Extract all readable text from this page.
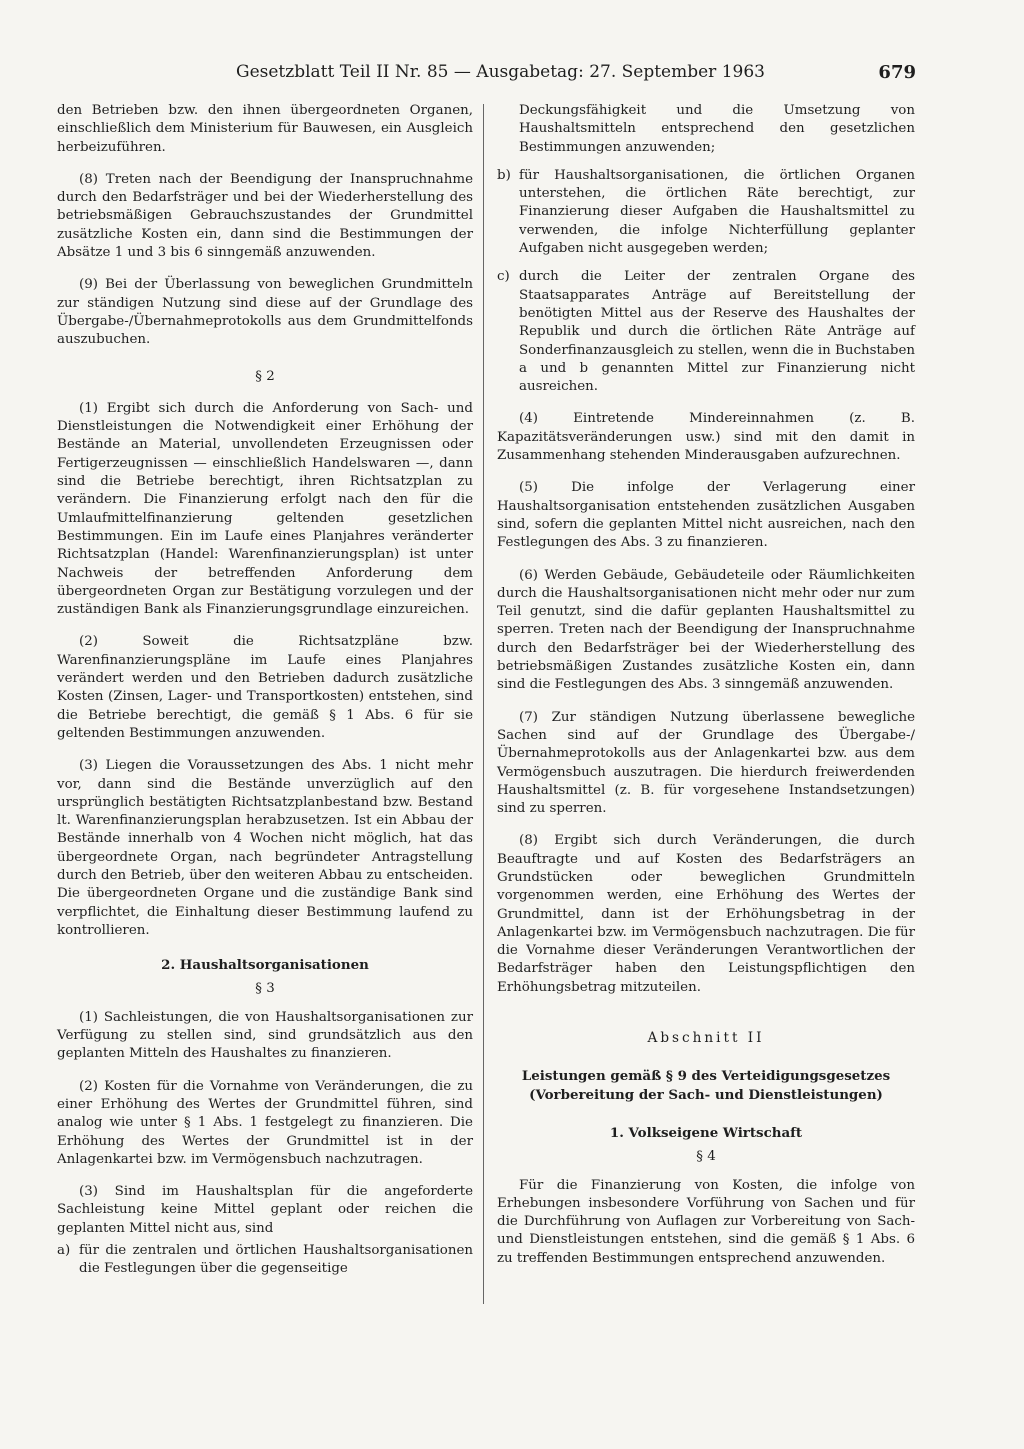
Gesetzblatt Teil II Nr. 85 — Ausgabetag: 27. September 1963	679

den Betrieben bzw. den ihnen übergeordneten Organen, einschließlich dem Ministerium für Bauwesen, ein Ausgleich herbeizuführen.

(8) Treten nach der Beendigung der Inanspruchnahme durch den Bedarfsträger und bei der Wiederherstellung des betriebsmäßigen Gebrauchszustandes der Grundmittel zusätzliche Kosten ein, dann sind die Bestimmungen der Absätze 1 und 3 bis 6 sinngemäß anzuwenden.

(9) Bei der Überlassung von beweglichen Grundmitteln zur ständigen Nutzung sind diese auf der Grundlage des Übergabe-/Übernahmeprotokolls aus dem Grundmittelfonds auszubuchen.

§ 2

(1) Ergibt sich durch die Anforderung von Sach- und Dienstleistungen die Notwendigkeit einer Erhöhung der Bestände an Material, unvollendeten Erzeugnissen oder Fertigerzeugnissen — einschließlich Handelswaren —, dann sind die Betriebe berechtigt, ihren Richtsatzplan zu verändern. Die Finanzierung erfolgt nach den für die Umlaufmittelfinanzierung geltenden gesetzlichen Bestimmungen. Ein im Laufe eines Planjahres veränderter Richtsatzplan (Handel: Warenfinanzierungsplan) ist unter Nachweis der betreffenden Anforderung dem übergeordneten Organ zur Bestätigung vorzulegen und der zuständigen Bank als Finanzierungsgrundlage einzureichen.

(2) Soweit die Richtsatzpläne bzw. Warenfinanzierungspläne im Laufe eines Planjahres verändert werden und den Betrieben dadurch zusätzliche Kosten (Zinsen, Lager- und Transportkosten) entstehen, sind die Betriebe berechtigt, die gemäß § 1 Abs. 6 für sie geltenden Bestimmungen anzuwenden.

(3) Liegen die Voraussetzungen des Abs. 1 nicht mehr vor, dann sind die Bestände unverzüglich auf den ursprünglich bestätigten Richtsatzplanbestand bzw. Bestand lt. Warenfinanzierungsplan herabzusetzen. Ist ein Abbau der Bestände innerhalb von 4 Wochen nicht möglich, hat das übergeordnete Organ, nach begründeter Antragstellung durch den Betrieb, über den weiteren Abbau zu entscheiden. Die übergeordneten Organe und die zuständige Bank sind verpflichtet, die Einhaltung dieser Bestimmung laufend zu kontrollieren.

2. Haushaltsorganisationen

§ 3

(1) Sachleistungen, die von Haushaltsorganisationen zur Verfügung zu stellen sind, sind grundsätzlich aus den geplanten Mitteln des Haushaltes zu finanzieren.

(2) Kosten für die Vornahme von Veränderungen, die zu einer Erhöhung des Wertes der Grundmittel führen, sind analog wie unter § 1 Abs. 1 festgelegt zu finanzieren. Die Erhöhung des Wertes der Grundmittel ist in der Anlagenkartei bzw. im Vermögensbuch nachzutragen.

(3) Sind im Haushaltsplan für die angeforderte Sachleistung keine Mittel geplant oder reichen die geplanten Mittel nicht aus, sind

a) für die zentralen und örtlichen Haushaltsorganisationen die Festlegungen über die gegenseitige
Deckungsfähigkeit und die Umsetzung von Haushaltsmitteln entsprechend den gesetzlichen Bestimmungen anzuwenden;
b) für Haushaltsorganisationen, die örtlichen Organen unterstehen, die örtlichen Räte berechtigt, zur Finanzierung dieser Aufgaben die Haushaltsmittel zu verwenden, die infolge Nichterfüllung geplanter Aufgaben nicht ausgegeben werden;
c) durch die Leiter der zentralen Organe des Staatsapparates Anträge auf Bereitstellung der benötigten Mittel aus der Reserve des Haushaltes der Republik und durch die örtlichen Räte Anträge auf Sonderfinanzausgleich zu stellen, wenn die in Buchstaben a und b genannten Mittel zur Finanzierung nicht ausreichen.

(4) Eintretende Mindereinnahmen (z. B. Kapazitätsveränderungen usw.) sind mit den damit in Zusammenhang stehenden Minderausgaben aufzurechnen.

(5) Die infolge der Verlagerung einer Haushaltsorganisation entstehenden zusätzlichen Ausgaben sind, sofern die geplanten Mittel nicht ausreichen, nach den Festlegungen des Abs. 3 zu finanzieren.

(6) Werden Gebäude, Gebäudeteile oder Räumlichkeiten durch die Haushaltsorganisationen nicht mehr oder nur zum Teil genutzt, sind die dafür geplanten Haushaltsmittel zu sperren. Treten nach der Beendigung der Inanspruchnahme durch den Bedarfsträger bei der Wiederherstellung des betriebsmäßigen Zustandes zusätzliche Kosten ein, dann sind die Festlegungen des Abs. 3 sinngemäß anzuwenden.

(7) Zur ständigen Nutzung überlassene bewegliche Sachen sind auf der Grundlage des Übergabe-/Übernahmeprotokolls aus der Anlagenkartei bzw. aus dem Vermögensbuch auszutragen. Die hierdurch freiwerdenden Haushaltsmittel (z. B. für vorgesehene Instandsetzungen) sind zu sperren.

(8) Ergibt sich durch Veränderungen, die durch Beauftragte und auf Kosten des Bedarfsträgers an Grundstücken oder beweglichen Grundmitteln vorgenommen werden, eine Erhöhung des Wertes der Grundmittel, dann ist der Erhöhungsbetrag in der Anlagenkartei bzw. im Vermögensbuch nachzutragen. Die für die Vornahme dieser Veränderungen Verantwortlichen der Bedarfsträger haben den Leistungspflichtigen den Erhöhungsbetrag mitzuteilen.

Abschnitt II

Leistungen gemäß § 9 des Verteidigungsgesetzes

(Vorbereitung der Sach- und Dienstleistungen)

1. Volkseigene Wirtschaft

§ 4

Für die Finanzierung von Kosten, die infolge von Erhebungen insbesondere Vorführung von Sachen und für die Durchführung von Auflagen zur Vorbereitung von Sach- und Dienstleistungen entstehen, sind die gemäß § 1 Abs. 6 zu treffenden Bestimmungen entsprechend anzuwenden.
